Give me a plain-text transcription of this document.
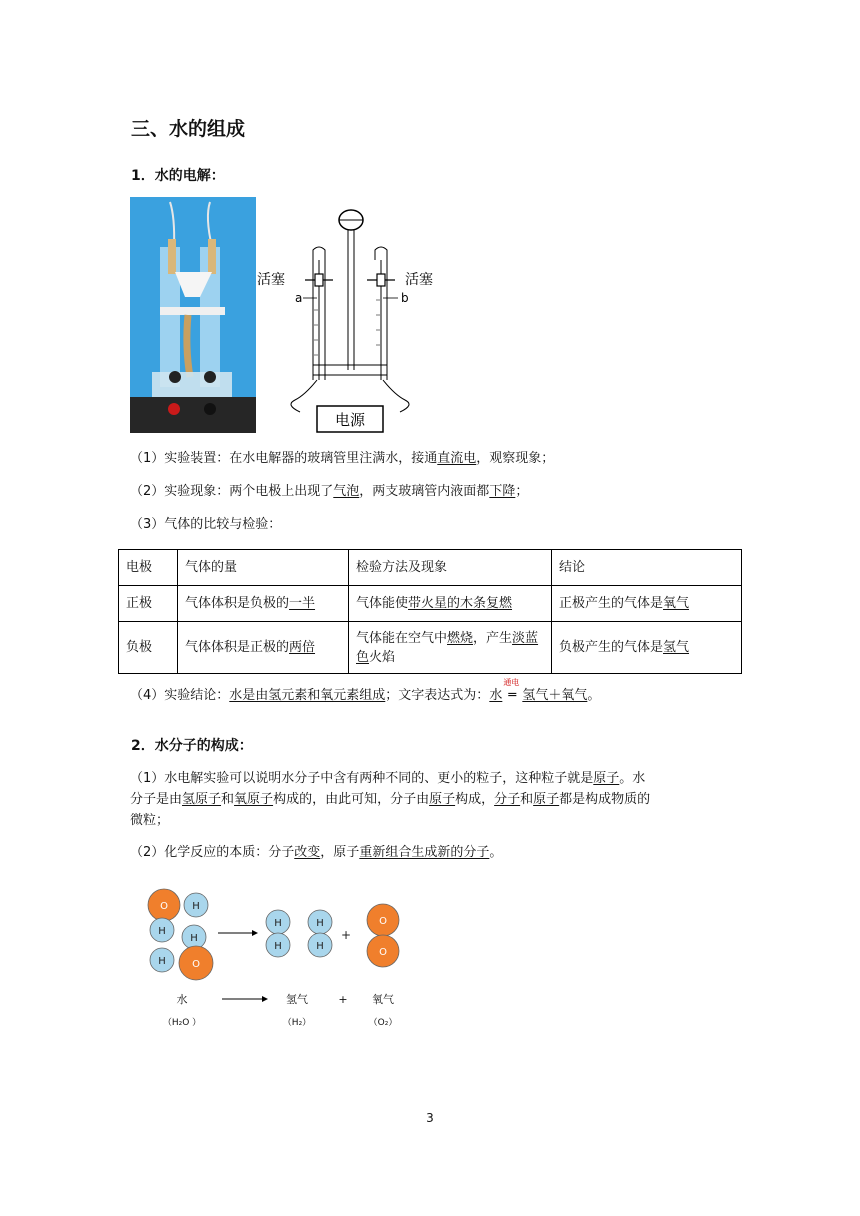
三、水的组成
1．水的电解：
电源
活塞	活塞
a	b
（1）实验装置：在水电解器的玻璃管里注满水，接通直流电，观察现象；
（2）实验现象：两个电极上出现了气泡，两支玻璃管内液面都下降；
（3）气体的比较与检验：
电极	气体的量	检验方法及现象	结论
正极	气体体积是负极的一半	气体能使带火星的木条复燃	正极产生的气体是氧气
负极	气体体积是正极的两倍	气体能在空气中燃烧，产生淡蓝色火焰	负极产生的气体是氢气
（4）实验结论：水是由氢元素和氧元素组成；文字表达式为：水
通电
═ 氢气＋氧气。
2．水分子的构成：
（1）水电解实验可以说明水分子中含有两种不同的、更小的粒子，这种粒子就是原子。水
分子是由氢原子和氧原子构成的，由此可知，分子由原子构成，分子和原子都是构成物质的
微粒；
（2）化学反应的本质：分子改变，原子重新组合生成新的分子。
O H
H
H
H	O
H
H
H
H
O
O
+
水
（H₂O ）
氢气
（H₂）
+ 氧气
（O₂）
3
